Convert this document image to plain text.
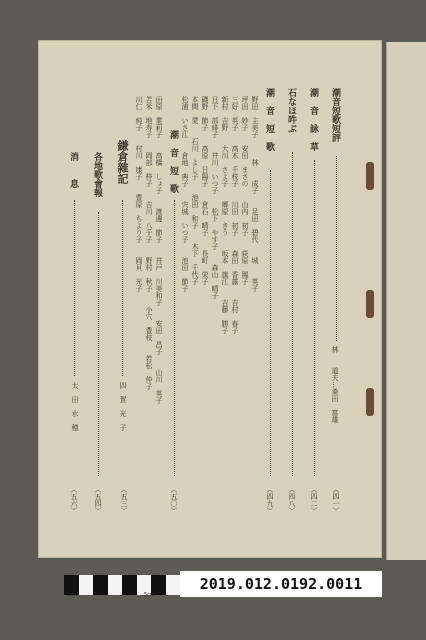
潮音短歌短評
林　　道夫…桑田　富雄
（四一）
潮　音　詠　草
（四二）
石なほ吽ぶ
（四八）
潮　音　短　歌
（四九）
野田　主美子　　　林　　成子　　足田　碧代　　城　　英子
坪田　妙子　　安田　まさの　　山内　初子　　荻原　鳳子
三好　英子　　高木　千枝子　　川田　初子　　森田　香露　　吉村　春子
新村　吉野　　大川　さよ子　　郷原　きう　　坂本　旗江　　吉藤　勝子
日下　部緋子　　井川　いつ子　　松下　やす子　　森山　晴子
磯野　節子　　高原　日陽子　　倉石　晴子　　長町　栄子
本間　愛　　石川　よし子　　池田　和子　　木下　千代子
松浦　いさ江　　倉地　典子　　宍城　いつ子　　池田　節子
潮　音　短　歌
（五〇）
田原　業莉子　　高橋　しょ子　　渡邊　節子　　井戸　川美和子　　安田　昌子　　山川　英子
苫米　地寿子　　岡部　梓子　　吉川　八千子　　野村　秋子　　小穴　豊枝　　若松　仲子
川仁　純子　　村川　康子　　豊原　ちより子　　岡貝　光子
鎌倉雜記
四　賀　光　子
（五三）
各地歌會報
（五四）
消　　息
太　田　水　穂
（五六）
1cm	5cm
2019.012.0192.0011
